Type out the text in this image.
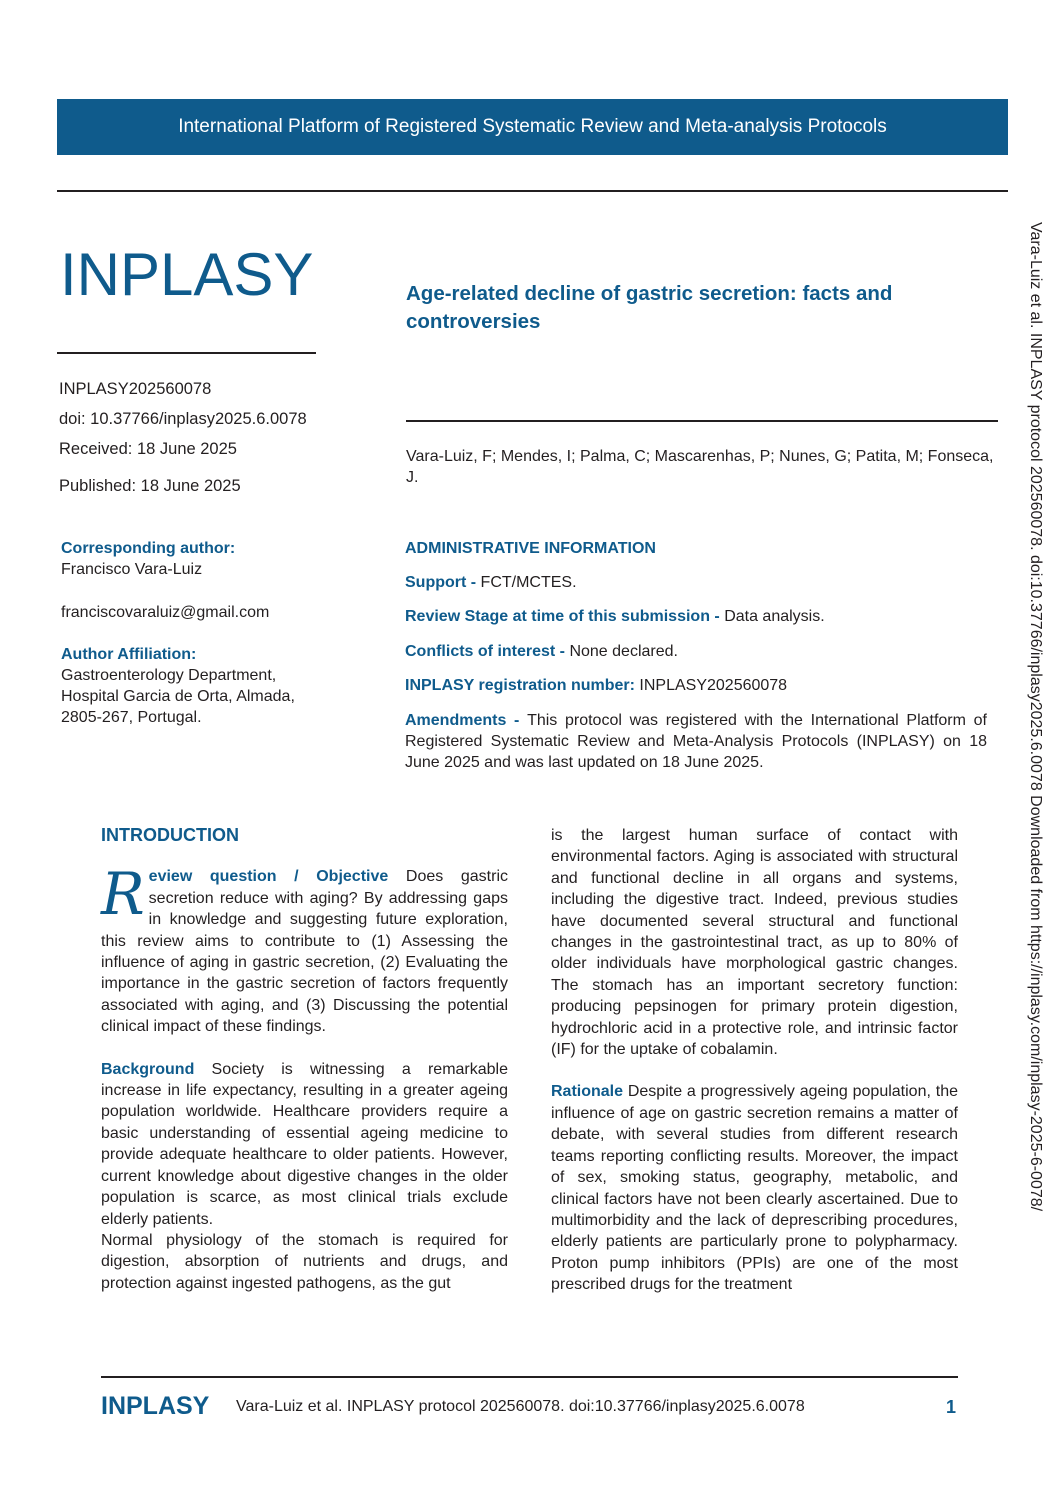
International Platform of Registered Systematic Review and Meta-analysis Protocols
INPLASY	Age-related decline of gastric secretion: facts and controversies
INPLASY202560078
doi: 10.37766/inplasy2025.6.0078
Received: 18 June 2025
Published: 18 June 2025
Vara-Luiz, F; Mendes, I; Palma, C; Mascarenhas, P; Nunes, G; Patita, M; Fonseca, J.
Corresponding author:
Francisco Vara-Luiz
franciscovaraluiz@gmail.com
Author Affiliation:
Gastroenterology Department,
Hospital Garcia de Orta, Almada,
2805-267, Portugal.
ADMINISTRATIVE INFORMATION
Support - FCT/MCTES.
Review Stage at time of this submission - Data analysis.
Conflicts of interest - None declared.
INPLASY registration number: INPLASY202560078
Amendments - This protocol was registered with the International Platform of Registered Systematic Review and Meta-Analysis Protocols (INPLASY) on 18 June 2025 and was last updated on 18 June 2025.
INTRODUCTION

Review question / Objective Does gastric secretion reduce with aging? By addressing gaps in knowledge and suggesting future exploration, this review aims to contribute to (1) Assessing the influence of aging in gastric secretion, (2) Evaluating the importance in the gastric secretion of factors frequently associated with aging, and (3) Discussing the potential clinical impact of these findings.

Background Society is witnessing a remarkable increase in life expectancy, resulting in a greater ageing population worldwide. Healthcare providers require a basic understanding of essential ageing medicine to provide adequate healthcare to older patients. However, current knowledge about digestive changes in the older population is scarce, as most clinical trials exclude elderly patients.

Normal physiology of the stomach is required for digestion, absorption of nutrients and drugs, and protection against ingested pathogens, as the gut

is the largest human surface of contact with environmental factors. Aging is associated with structural and functional decline in all organs and systems, including the digestive tract. Indeed, previous studies have documented several structural and functional changes in the gastrointestinal tract, as up to 80% of older individuals have morphological gastric changes. The stomach has an important secretory function: producing pepsinogen for primary protein digestion, hydrochloric acid in a protective role, and intrinsic factor (IF) for the uptake of cobalamin.

Rationale Despite a progressively ageing population, the influence of age on gastric secretion remains a matter of debate, with several studies from different research teams reporting conflicting results. Moreover, the impact of sex, smoking status, geography, metabolic, and clinical factors have not been clearly ascertained. Due to multimorbidity and the lack of deprescribing procedures, elderly patients are particularly prone to polypharmacy. Proton pump inhibitors (PPIs) are one of the most prescribed drugs for the treatment

Vara-Luiz et al. INPLASY protocol 202560078. doi:10.37766/inplasy2025.6.0078 Downloaded from https://inplasy.com/inplasy-2025-6-0078/
INPLASY Vara-Luiz et al. INPLASY protocol 202560078. doi:10.37766/inplasy2025.6.0078	1
